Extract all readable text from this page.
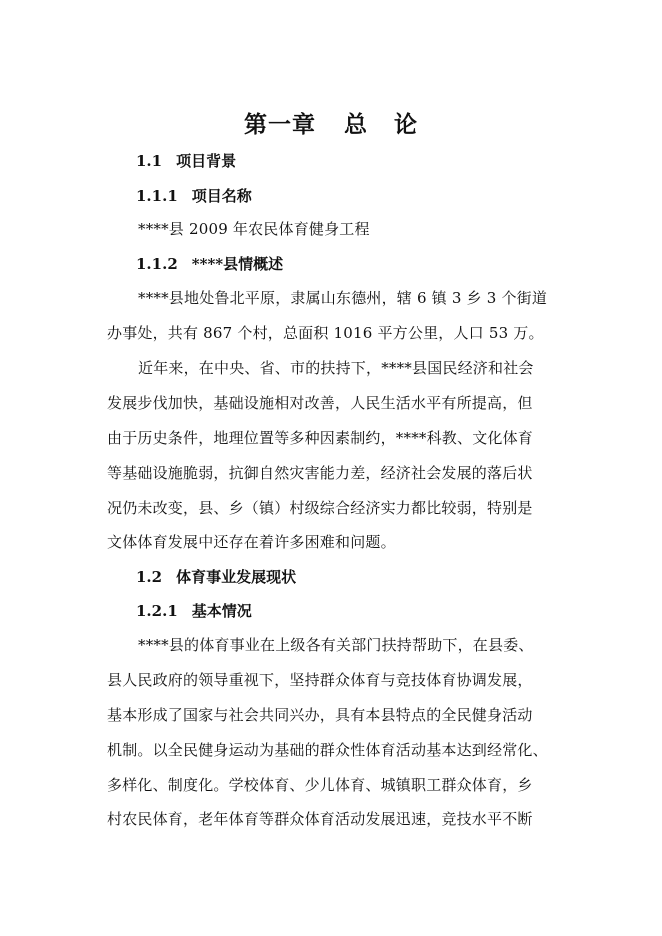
第一章 总 论
1.1 项目背景
1.1.1 项目名称

****县 2009 年农民体育健身工程

1.1.2 ****县情概述

****县地处鲁北平原，隶属山东德州，辖 6 镇 3 乡 3 个街道

办事处，共有 867 个村，总面积 1016 平方公里，人口 53 万。

近年来，在中央、省、市的扶持下，****县国民经济和社会

发展步伐加快，基础设施相对改善，人民生活水平有所提高，但

由于历史条件，地理位置等多种因素制约，****科教、文化体育

等基础设施脆弱，抗御自然灾害能力差，经济社会发展的落后状

况仍未改变，县、乡（镇）村级综合经济实力都比较弱，特别是

文体体育发展中还存在着许多困难和问题。

1.2 体育事业发展现状
1.2.1 基本情况

****县的体育事业在上级各有关部门扶持帮助下，在县委、

县人民政府的领导重视下，坚持群众体育与竞技体育协调发展，

基本形成了国家与社会共同兴办，具有本县特点的全民健身活动

机制。以全民健身运动为基础的群众性体育活动基本达到经常化、

多样化、制度化。学校体育、少儿体育、城镇职工群众体育，乡

村农民体育，老年体育等群众体育活动发展迅速，竞技水平不断
